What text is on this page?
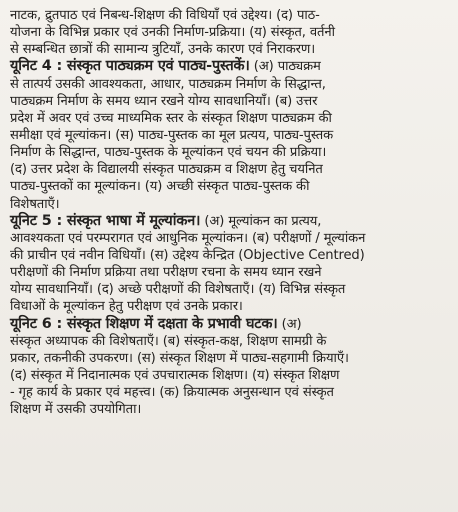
नाटक, द्रुतपाठ एवं निबन्ध-शिक्षण की विधियाँ एवं उद्देश्य। (द) पाठ-
योजना के विभिन्न प्रकार एवं उनकी निर्माण-प्रक्रिया। (य) संस्कृत, वर्तनी
से सम्बन्धित छात्रों की सामान्य त्रुटियाँ, उनके कारण एवं निराकरण।
यूनिट 4 : संस्कृत पाठ्यक्रम एवं पाठ्य-पुस्तकें। (अ) पाठ्यक्रम
से तात्पर्य उसकी आवश्यकता, आधार, पाठ्यक्रम निर्माण के सिद्धान्त,
पाठ्यक्रम निर्माण के समय ध्यान रखने योग्य सावधानियाँ। (ब) उत्तर
प्रदेश में अवर एवं उच्च माध्यमिक स्तर के संस्कृत शिक्षण पाठ्यक्रम की
समीक्षा एवं मूल्यांकन। (स) पाठ्य-पुस्तक का मूल प्रत्यय, पाठ्य-पुस्तक
निर्माण के सिद्धान्त, पाठ्य-पुस्तक के मूल्यांकन एवं चयन की प्रक्रिया।
(द) उत्तर प्रदेश के विद्यालयी संस्कृत पाठ्यक्रम व शिक्षण हेतु चयनित
पाठ्य-पुस्तकों का मूल्यांकन। (य) अच्छी संस्कृत पाठ्य-पुस्तक की
विशेषताएँ।
यूनिट 5 : संस्कृत भाषा में मूल्यांकन। (अ) मूल्यांकन का प्रत्यय,
आवश्यकता एवं परम्परागत एवं आधुनिक मूल्यांकन। (ब) परीक्षणों / मूल्यांकन
की प्राचीन एवं नवीन विधियाँ। (स) उद्देश्य केन्द्रित (Objective Centred)
परीक्षणों की निर्माण प्रक्रिया तथा परीक्षण रचना के समय ध्यान रखने
योग्य सावधानियाँ। (द) अच्छे परीक्षणों की विशेषताएँ। (य) विभिन्न संस्कृत
विधाओं के मूल्यांकन हेतु परीक्षण एवं उनके प्रकार।
यूनिट 6 : संस्कृत शिक्षण में दक्षता के प्रभावी घटक। (अ)
संस्कृत अध्यापक की विशेषताएँ। (ब) संस्कृत-कक्ष, शिक्षण सामग्री के
प्रकार, तकनीकी उपकरण। (स) संस्कृत शिक्षण में पाठ्य-सहगामी क्रियाएँ।
(द) संस्कृत में निदानात्मक एवं उपचारात्मक शिक्षण। (य) संस्कृत शिक्षण
- गृह कार्य के प्रकार एवं महत्त्व। (क) क्रियात्मक अनुसन्धान एवं संस्कृत
शिक्षण में उसकी उपयोगिता।
